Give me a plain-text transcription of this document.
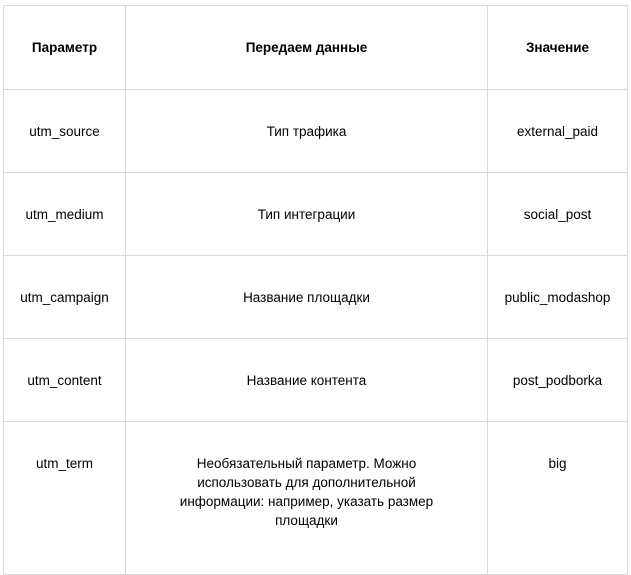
Параметр	Передаем данные	Значение
utm_source	Тип трафика	external_paid
utm_medium	Тип интеграции	social_post
utm_campaign	Название площадки	public_modashop
utm_content	Название контента	post_podborka
utm_term	Необязательный параметр. Можно использовать для дополнительной информации: например, указать размер площадки	big
